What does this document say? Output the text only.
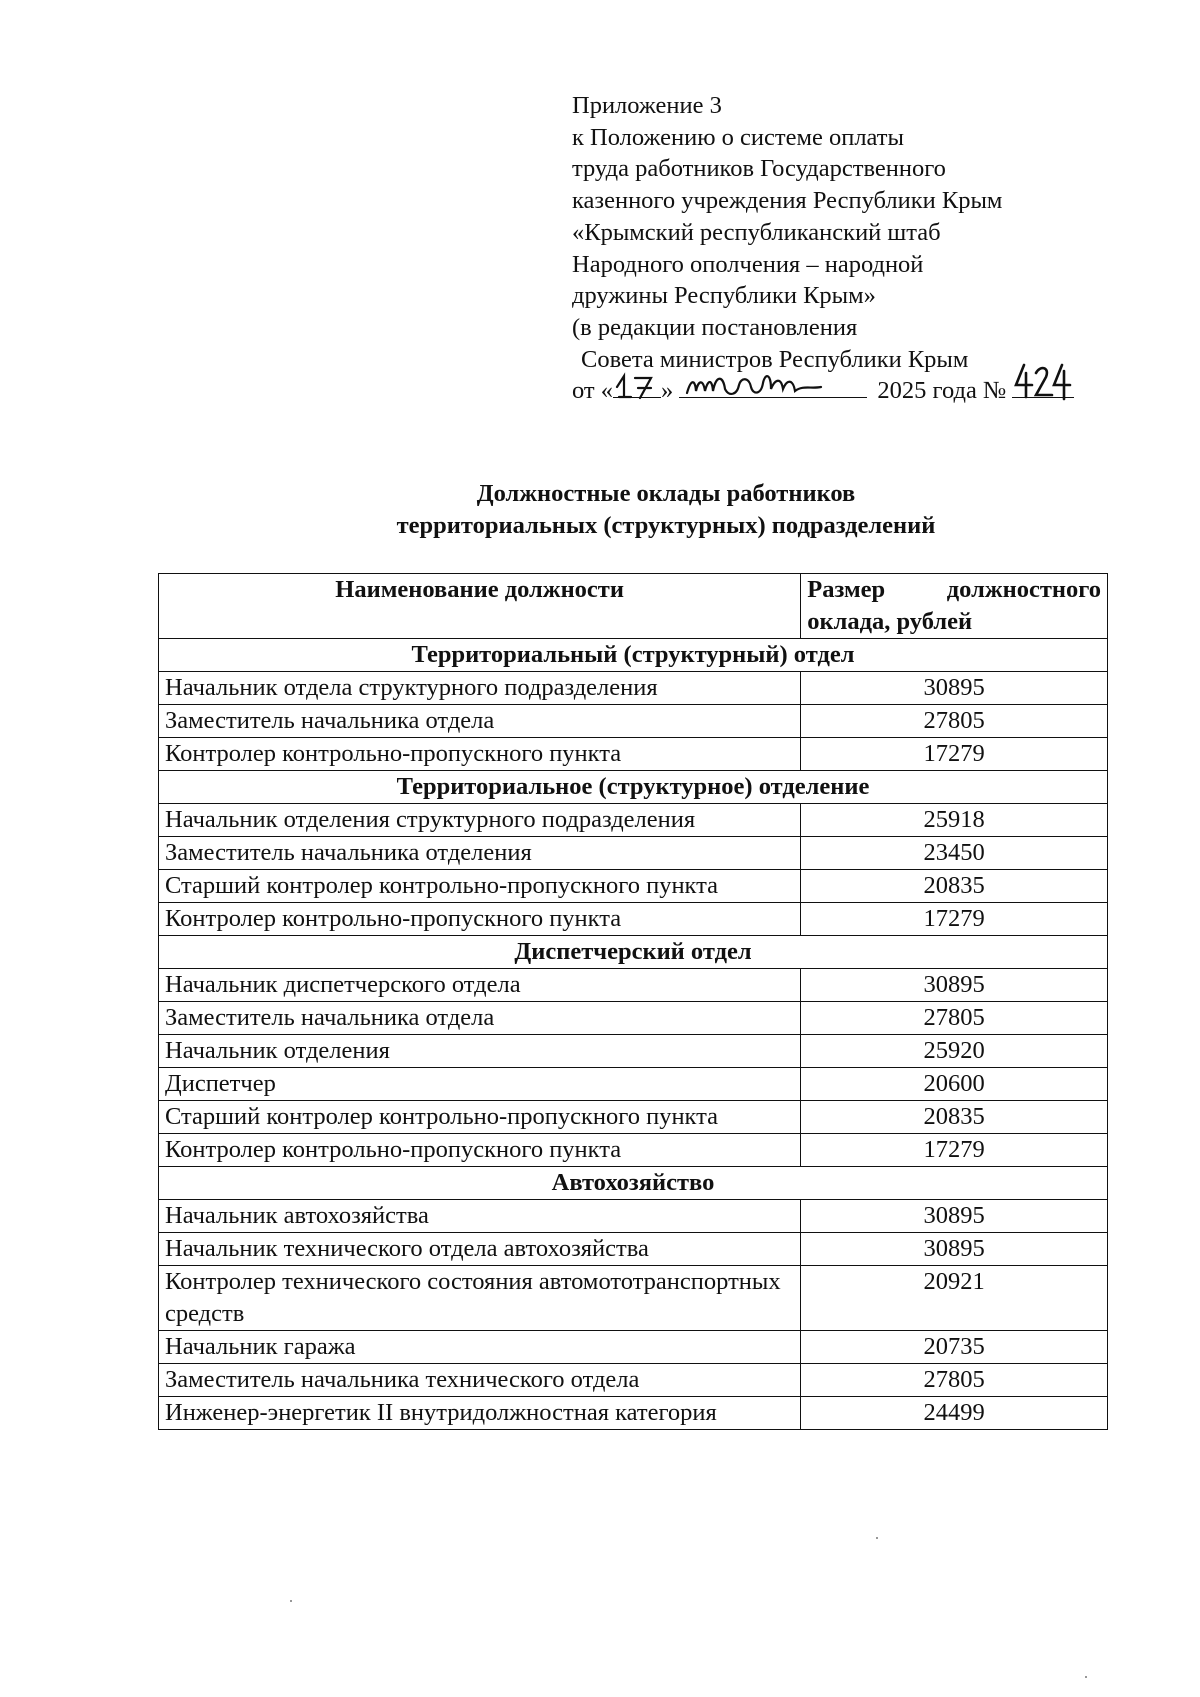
Приложение 3
к Положению о системе оплаты
труда работников Государственного
казенного учреждения Республики Крым
«Крымский республиканский штаб
Народного ополчения – народной
дружины Республики Крым»
(в редакции постановления
Совета министров Республики Крым
от « »	2025 года №
Должностные оклады работников
территориальных (структурных) подразделений
Наименование должности	Размер должностного оклада, рублей
Территориальный (структурный) отдел	
Начальник отдела структурного подразделения	30895
Заместитель начальника отдела	27805
Контролер контрольно-пропускного пункта	17279
Территориальное (структурное) отделение	
Начальник отделения структурного подразделения	25918
Заместитель начальника отделения	23450
Старший контролер контрольно-пропускного пункта	20835
Контролер контрольно-пропускного пункта	17279
Диспетчерский отдел	
Начальник диспетчерского отдела	30895
Заместитель начальника отдела	27805
Начальник отделения	25920
Диспетчер	20600
Старший контролер контрольно-пропускного пункта	20835
Контролер контрольно-пропускного пункта	17279
Автохозяйство	
Начальник автохозяйства	30895
Начальник технического отдела автохозяйства	30895
Контролер технического состояния автомототранспортных средств	20921
Начальник гаража	20735
Заместитель начальника технического отдела	27805
Инженер-энергетик II внутридолжностная категория	24499
